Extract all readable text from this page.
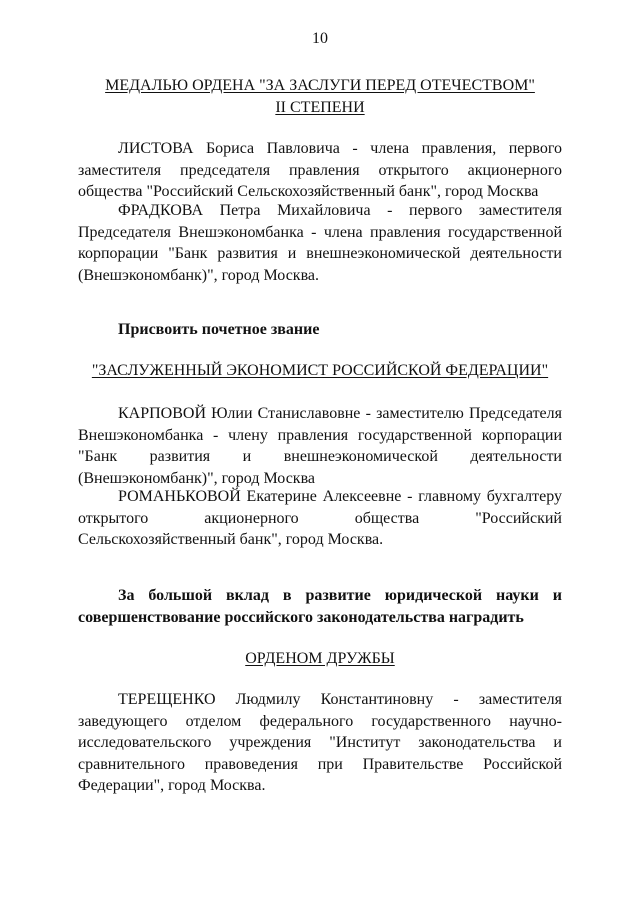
10
МЕДАЛЬЮ ОРДЕНА "ЗА ЗАСЛУГИ ПЕРЕД ОТЕЧЕСТВОМ"
II СТЕПЕНИ
ЛИСТОВА Бориса Павловича - члена правления, первого заместителя председателя правления открытого акционерного общества "Российский Сельскохозяйственный банк", город Москва
ФРАДКОВА Петра Михайловича - первого заместителя Председателя Внешэкономбанка - члена правления государственной корпорации "Банк развития и внешнеэкономической деятельности (Внешэкономбанк)", город Москва.
Присвоить почетное звание
"ЗАСЛУЖЕННЫЙ ЭКОНОМИСТ РОССИЙСКОЙ ФЕДЕРАЦИИ"
КАРПОВОЙ Юлии Станиславовне - заместителю Председателя Внешэкономбанка - члену правления государственной корпорации "Банк развития и внешнеэкономической деятельности (Внешэкономбанк)", город Москва
РОМАНЬКОВОЙ Екатерине Алексеевне - главному бухгалтеру открытого акционерного общества "Российский Сельскохозяйственный банк", город Москва.
За большой вклад в развитие юридической науки и совершенствование российского законодательства наградить
ОРДЕНОМ ДРУЖБЫ
ТЕРЕЩЕНКО Людмилу Константиновну - заместителя заведующего отделом федерального государственного научно-исследовательского учреждения "Институт законодательства и сравнительного правоведения при Правительстве Российской Федерации", город Москва.
